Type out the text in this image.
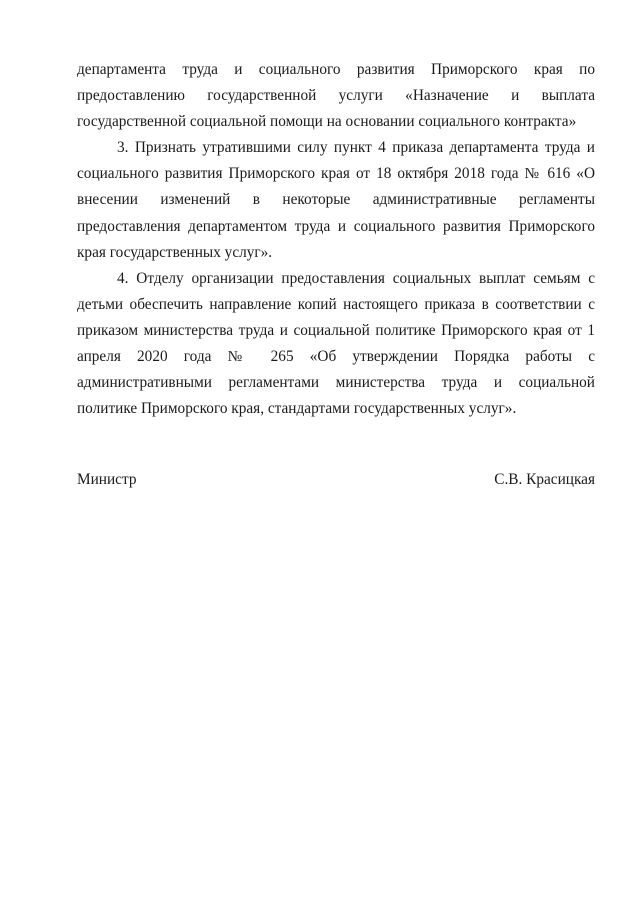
департамента труда и социального развития Приморского края по предоставлению государственной услуги «Назначение и выплата государственной социальной помощи на основании социального контракта»

3. Признать утратившими силу пункт 4 приказа департамента труда и социального развития Приморского края от 18 октября 2018 года № 616 «О внесении изменений в некоторые административные регламенты предоставления департаментом труда и социального развития Приморского края государственных услуг».

4. Отделу организации предоставления социальных выплат семьям с детьми обеспечить направление копий настоящего приказа в соответствии с приказом министерства труда и социальной политике Приморского края от 1 апреля 2020 года № 265 «Об утверждении Порядка работы с административными регламентами министерства труда и социальной политике Приморского края, стандартами государственных услуг».

Министр	С.В. Красицкая
